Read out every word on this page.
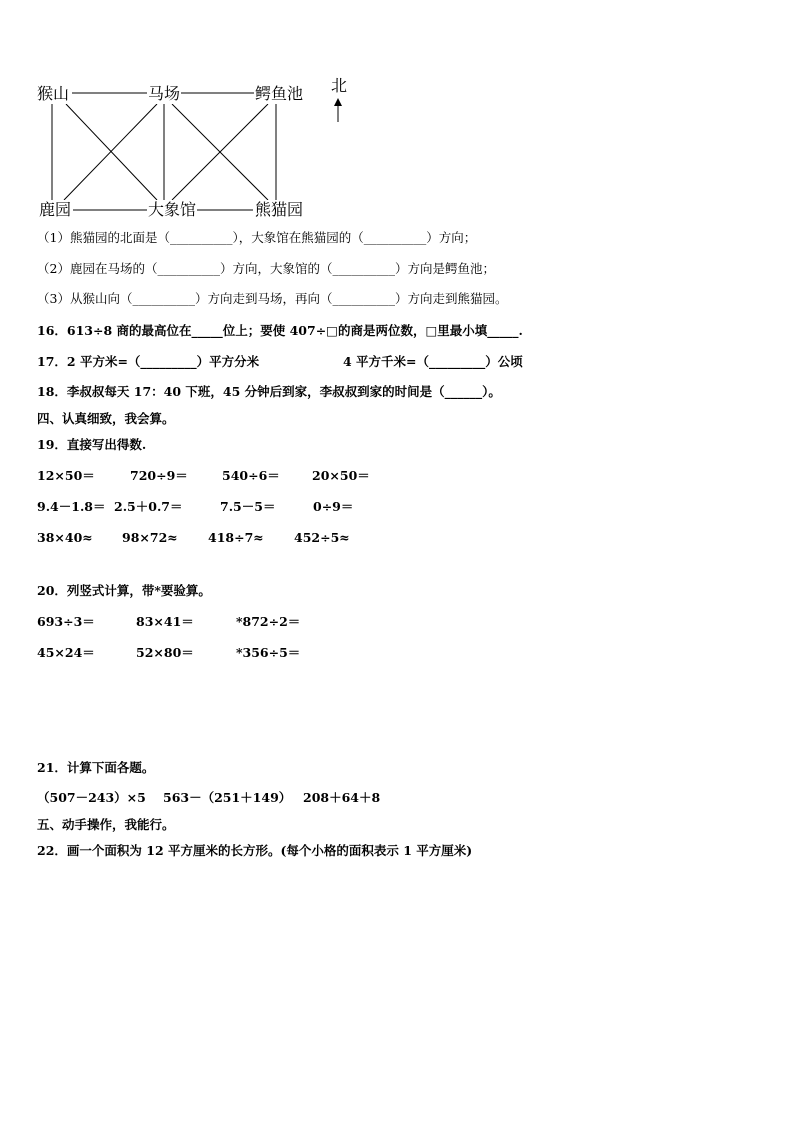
猴山	马场	鳄鱼池
鹿园	大象馆	熊猫园
北
（1）熊猫园的北面是（__________），大象馆在熊猫园的（__________）方向；
（2）鹿园在马场的（__________）方向，大象馆的（__________）方向是鳄鱼池；
（3）从猴山向（__________）方向走到马场，再向（__________）方向走到熊猫园。
16．613÷8 商的最高位在_____位上；要使 407÷□的商是两位数，□里最小填_____.
17．2 平方米=（_________）平方分米	4 平方千米=（_________）公顷
18．李叔叔每天 17：40 下班，45 分钟后到家，李叔叔到家的时间是（______）。
四、认真细致，我会算。
19．直接写出得数.
12×50＝	720÷9＝	540÷6＝	20×50＝
9.4－1.8＝ 2.5＋0.7＝	7.5－5＝	0÷9＝
38×40≈ 98×72≈ 418÷7≈ 452÷5≈
20．列竖式计算，带*要验算。
693÷3＝	83×41＝	*872÷2＝
45×24＝	52×80＝	*356÷5＝
21．计算下面各题。
（507－243）×5 563－（251＋149） 208＋64＋8
五、动手操作，我能行。
22．画一个面积为 12 平方厘米的长方形。(每个小格的面积表示 1 平方厘米)
